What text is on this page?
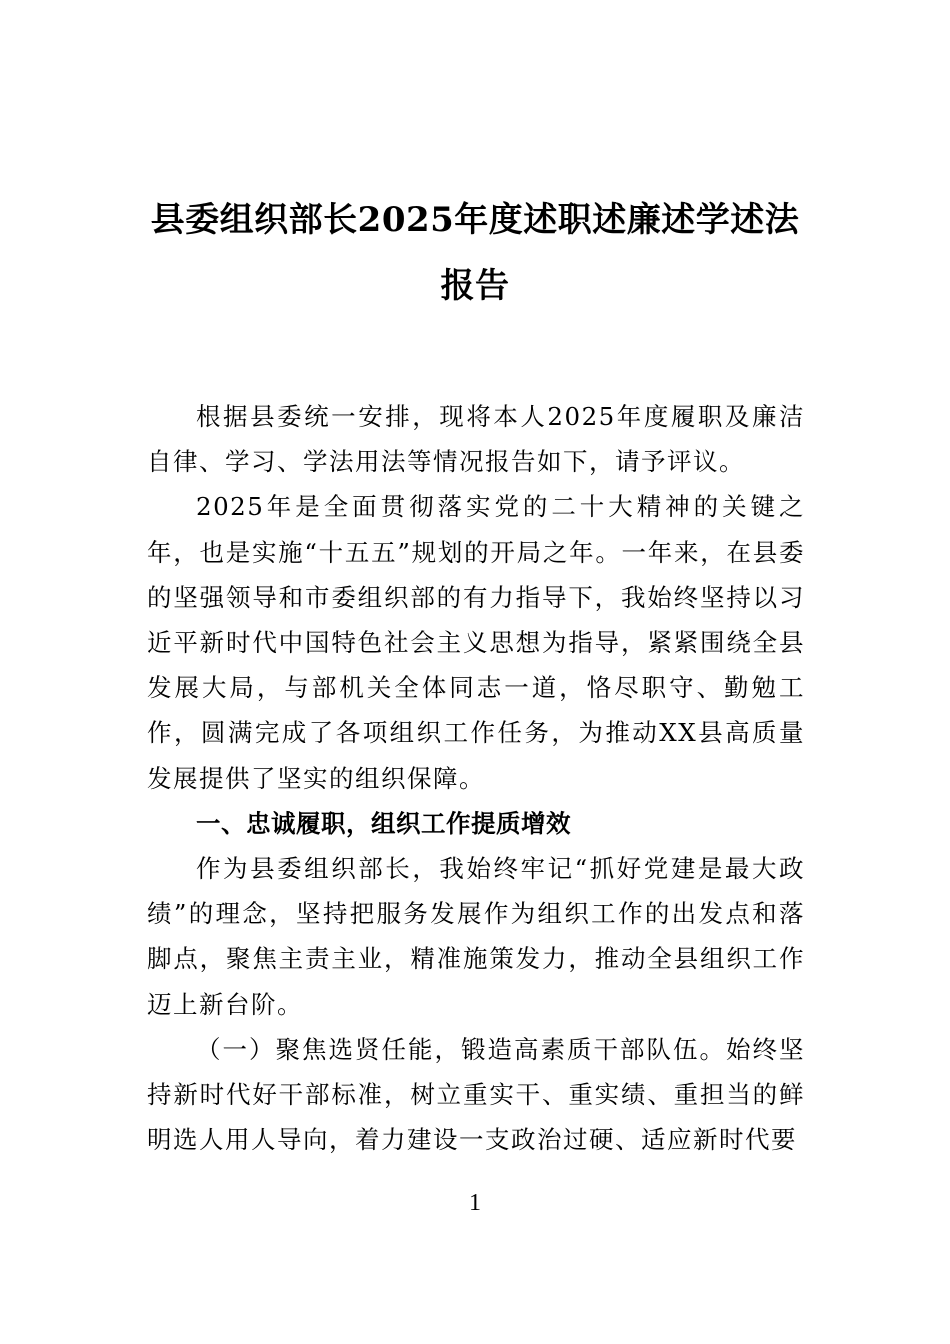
县委组织部长2025年度述职述廉述学述法
报告

根据县委统一安排，现将本人2025年度履职及廉洁自律、学习、学法用法等情况报告如下，请予评议。

2025年是全面贯彻落实党的二十大精神的关键之年，也是实施“十五五”规划的开局之年。一年来，在县委的坚强领导和市委组织部的有力指导下，我始终坚持以习近平新时代中国特色社会主义思想为指导，紧紧围绕全县发展大局，与部机关全体同志一道，恪尽职守、勤勉工作，圆满完成了各项组织工作任务，为推动XX县高质量发展提供了坚实的组织保障。

一、忠诚履职，组织工作提质增效

作为县委组织部长，我始终牢记“抓好党建是最大政绩”的理念，坚持把服务发展作为组织工作的出发点和落脚点，聚焦主责主业，精准施策发力，推动全县组织工作迈上新台阶。

（一）聚焦选贤任能，锻造高素质干部队伍。始终坚持新时代好干部标准，树立重实干、重实绩、重担当的鲜明选人用人导向，着力建设一支政治过硬、适应新时代要

1
